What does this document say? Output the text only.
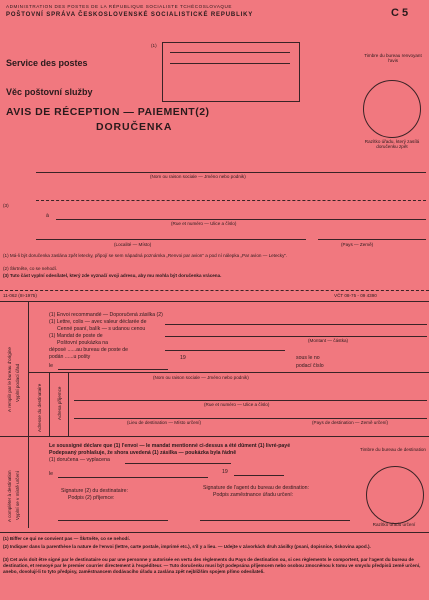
ADMINISTRATION DES POSTES DE LA RÉPUBLIQUE SOCIALISTE TCHÉCOSLOVAQUE
POŠTOVNÍ SPRÁVA ČESKOSLOVENSKÉ SOCIALISTICKÉ REPUBLIKY	C 5
Service des postes
Věc poštovní služby
AVIS DE RÉCEPTION — PAIEMENT(2)
DORUČENKA
(1)
Timbre du bureau renvoyant l'avis
Razítko úřadu, který zasílá doručenku zpět
(Nom ou raison sociale — Jméno nebo podnik)
(3)
à
(Rue et numéro — Ulice a číslo)
(Localité — Místo)	(Pays — Země)
(1) Má-li být doručenka zaslána zpět letecky, připojí se sem nápadná poznámka „Renvoi par avion" a pod ní nálepka „Par avion — Letecky".
(2) Škrtněte, co se nehodí.
(3) Tuto část vyplní odesílatel, který zde vyznačí svoji adresu, aby mu mohla být doručenka vrácena.
11-062 (III-1975)	VČT 08-75 - 09 4390
A remplir par le bureau d'origine Vyplní podací úřad
(1) Envoi recommandé — Doporučená zásilka (2)
(1) Lettre, colis — avec valeur déclarée de
Cenné psaní, balík — s udanou cenou
(1) Mandat de poste de
Poštovní poukázka na
déposé ......au bureau de poste de
podán ......u pošty
le
(Montant — částka)
19	sous le no
podací číslo
Adresse du destinataire	Adresa příjemce
(Nom ou raison sociale — Jméno nebo podnik)
(Rue et numéro — Ulice a číslo)
(Lieu de destination — Místo určení)	(Pays de destination — Země určení)
A compléter à destination Vyplní se v místě určení
Le soussigné déclare que (1) l'envoi — le mandat mentionné ci-dessus a été dûment (1) livré-payé
Podepsaný prohlašuje, že shora uvedená (1) zásilka — poukázka byla řádně
(1) doručena — vyplacena
le	19
Signature (2) du destinataire:
Podpis (2) příjemce:
Signature de l'agent du bureau de destination:
Podpis zaměstnance úřadu určení:
Timbre du bureau de destination
Razítko úřadu určení
(1) Biffer ce qui ne convient pas — Škrtněte, co se nehodí.
(2) Indiquer dans la parenthèse la nature de l'envoi (lettre, carte postale, imprimé etc.), s'il y a lieu. — Udejte v závorkách druh zásilky (psaní, dopisnice, tiskovina apod.).
(3) Cet avis doit être signé par le destinataire ou par une personne y autorisée en vertu des règlements du Pays de destination ou, si ces règlements le comportent, par l'agent du bureau de destination, et renvoyé par le premier courrier directement à l'expéditeur. — Tuto doručenku musí být podepsána příjemcem nebo osobou zmocněnou k tomu ve smyslu předpisů země určení, anebo, dovolují-li to tyto předpisy, zaměstnancem dodávacího úřadu a zaslána zpět nejbližším spojem přímo odesílateli.
